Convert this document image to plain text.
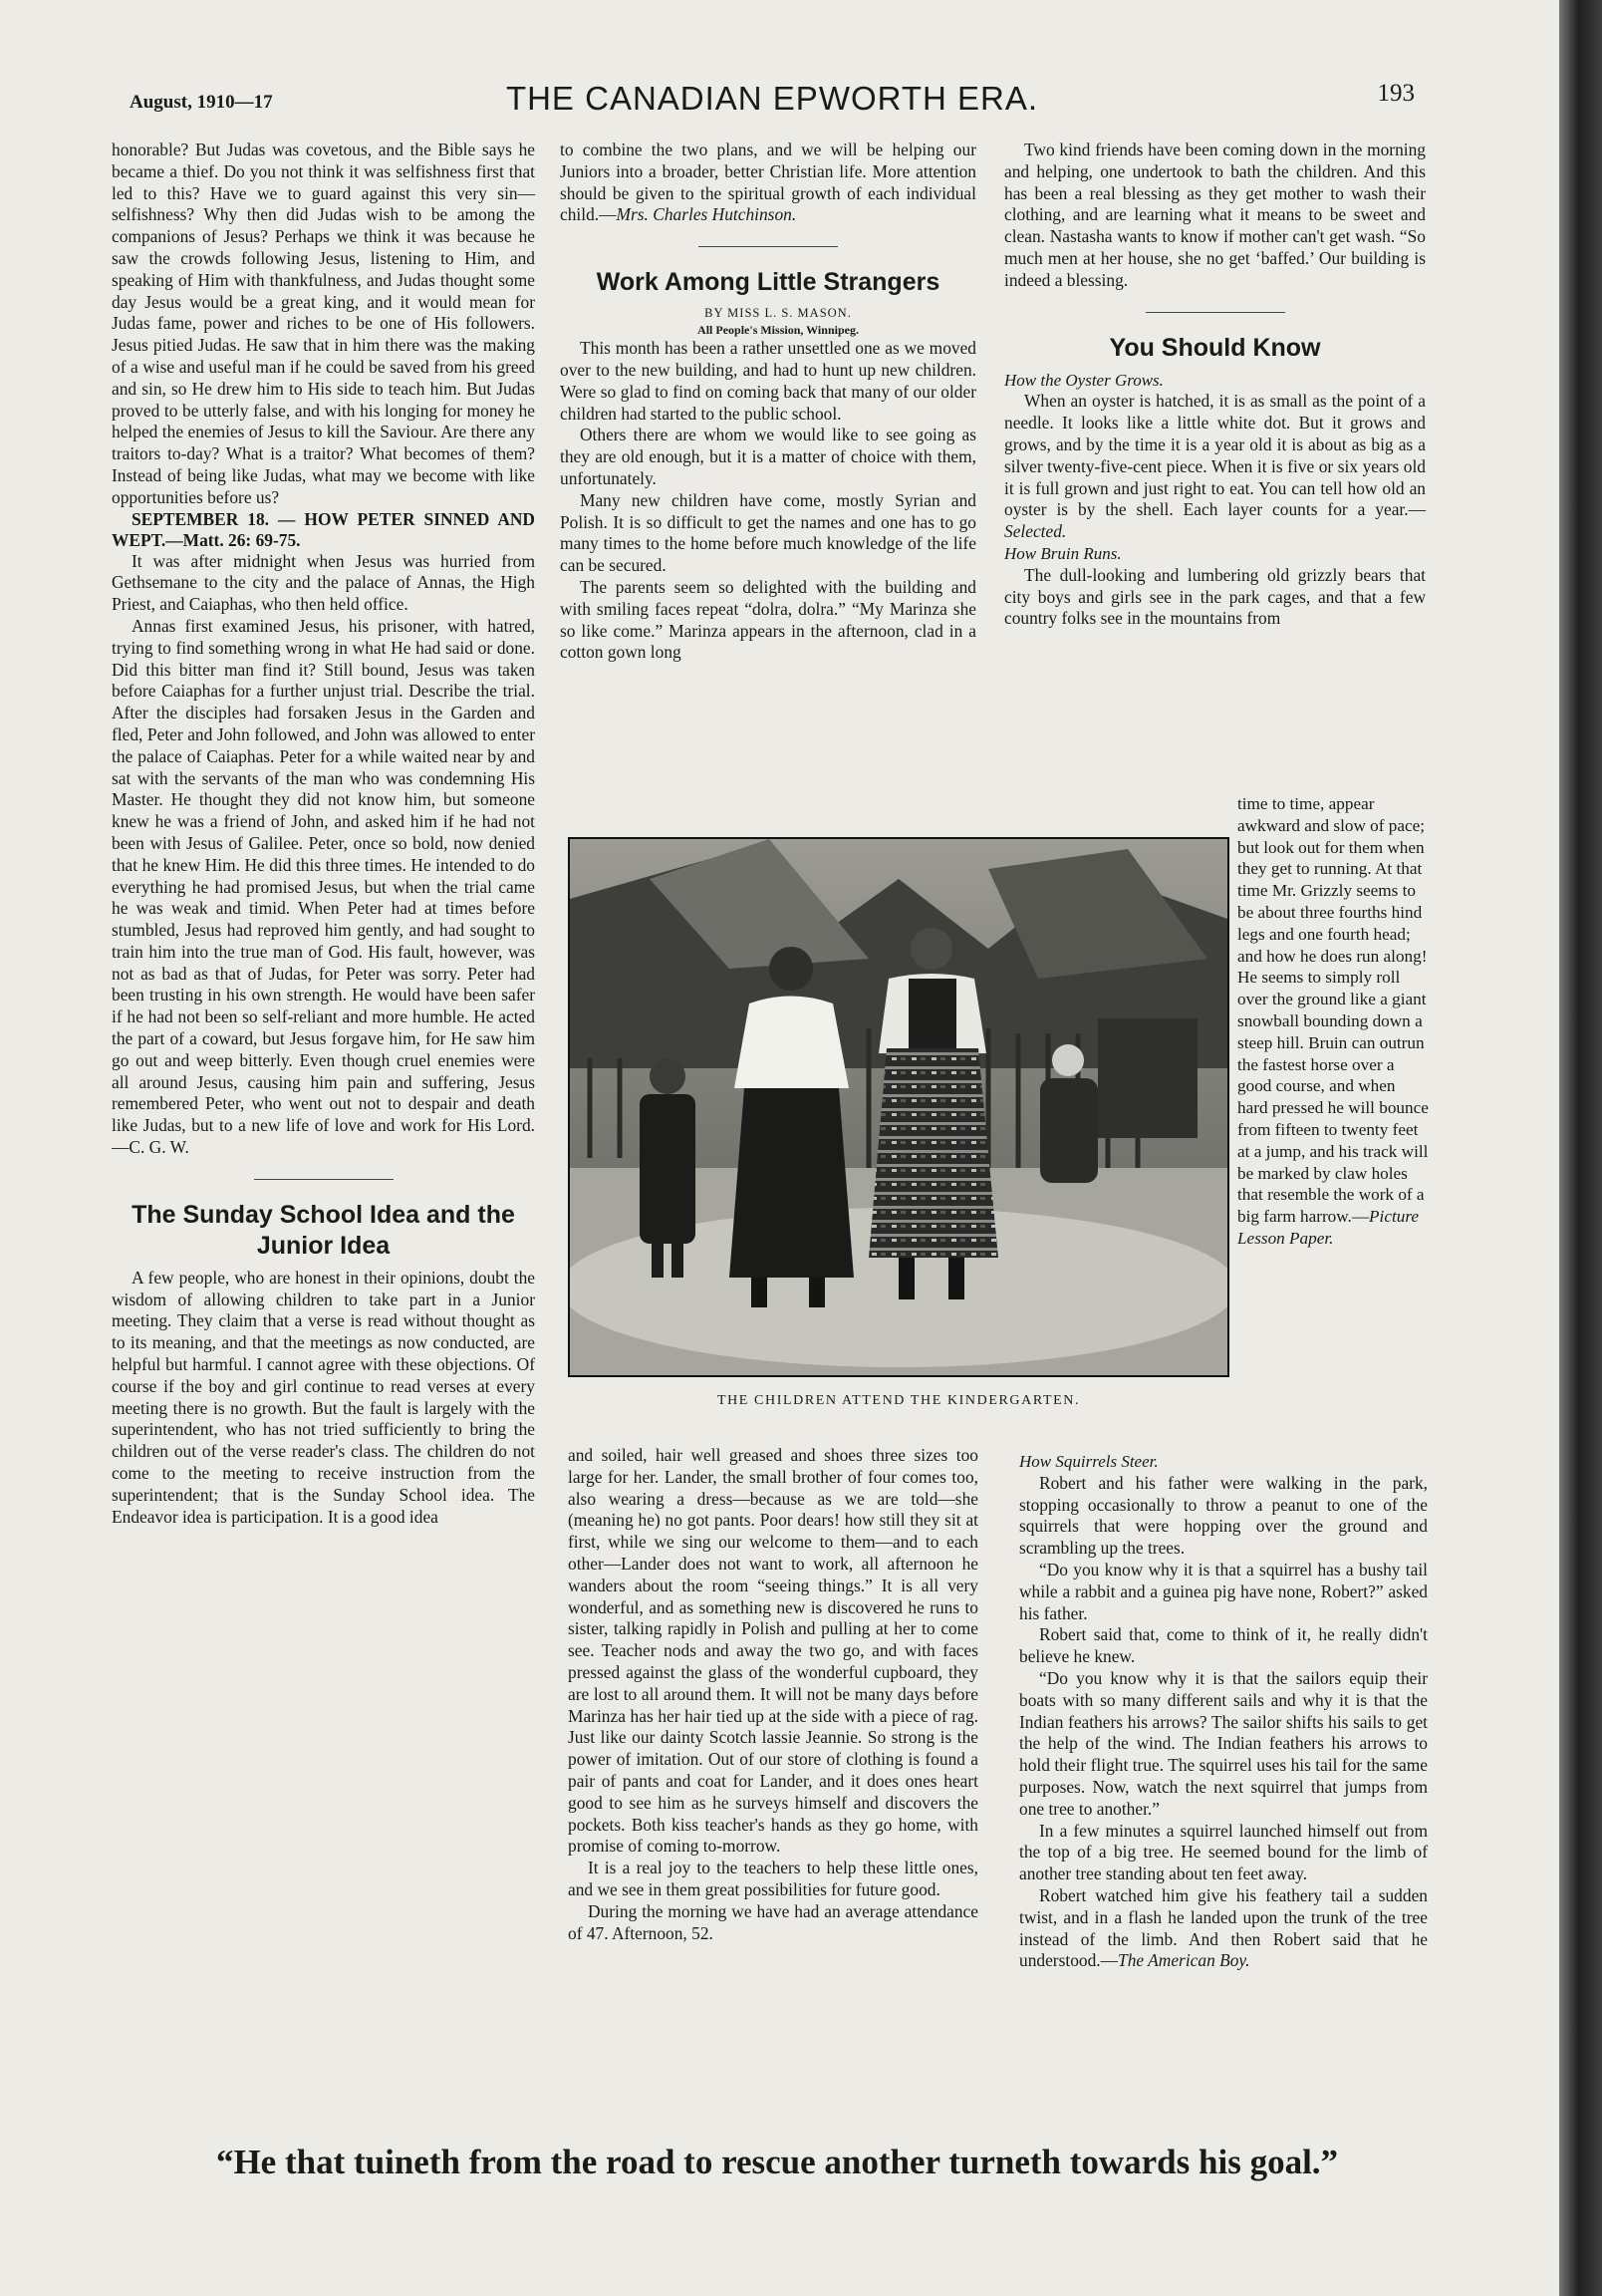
August, 1910—17	THE CANADIAN EPWORTH ERA.	193

honorable? But Judas was covetous, and the Bible says he became a thief. Do you not think it was selfishness first that led to this? Have we to guard against this very sin—selfishness? Why then did Judas wish to be among the companions of Jesus? Perhaps we think it was because he saw the crowds following Jesus, listening to Him, and speaking of Him with thankfulness, and Judas thought some day Jesus would be a great king, and it would mean for Judas fame, power and riches to be one of His followers. Jesus pitied Judas. He saw that in him there was the making of a wise and useful man if he could be saved from his greed and sin, so He drew him to His side to teach him. But Judas proved to be utterly false, and with his longing for money he helped the enemies of Jesus to kill the Saviour. Are there any traitors to-day? What is a traitor? What becomes of them? Instead of being like Judas, what may we become with like opportunities before us?

SEPTEMBER 18. — HOW PETER SINNED AND WEPT.—Matt. 26: 69-75.

It was after midnight when Jesus was hurried from Gethsemane to the city and the palace of Annas, the High Priest, and Caiaphas, who then held office.

Annas first examined Jesus, his prisoner, with hatred, trying to find something wrong in what He had said or done. Did this bitter man find it? Still bound, Jesus was taken before Caiaphas for a further unjust trial. Describe the trial. After the disciples had forsaken Jesus in the Garden and fled, Peter and John followed, and John was allowed to enter the palace of Caiaphas. Peter for a while waited near by and sat with the servants of the man who was condemning His Master. He thought they did not know him, but someone knew he was a friend of John, and asked him if he had not been with Jesus of Galilee. Peter, once so bold, now denied that he knew Him. He did this three times. He intended to do everything he had promised Jesus, but when the trial came he was weak and timid. When Peter had at times before stumbled, Jesus had reproved him gently, and had sought to train him into the true man of God. His fault, however, was not as bad as that of Judas, for Peter was sorry. Peter had been trusting in his own strength. He would have been safer if he had not been so self-reliant and more humble. He acted the part of a coward, but Jesus forgave him, for He saw him go out and weep bitterly. Even though cruel enemies were all around Jesus, causing him pain and suffering, Jesus remembered Peter, who went out not to despair and death like Judas, but to a new life of love and work for His Lord.—C. G. W.

The Sunday School Idea and the Junior Idea

A few people, who are honest in their opinions, doubt the wisdom of allowing children to take part in a Junior meeting. They claim that a verse is read without thought as to its meaning, and that the meetings as now conducted, are helpful but harmful. I cannot agree with these objections. Of course if the boy and girl continue to read verses at every meeting there is no growth. But the fault is largely with the superintendent, who has not tried sufficiently to bring the children out of the verse reader's class. The children do not come to the meeting to receive instruction from the superintendent; that is the Sunday School idea. The Endeavor idea is participation. It is a good idea

to combine the two plans, and we will be helping our Juniors into a broader, better Christian life. More attention should be given to the spiritual growth of each individual child.—Mrs. Charles Hutchinson.

Work Among Little Strangers

BY MISS L. S. MASON.

All People's Mission, Winnipeg.

This month has been a rather unsettled one as we moved over to the new building, and had to hunt up new children. Were so glad to find on coming back that many of our older children had started to the public school.

Others there are whom we would like to see going as they are old enough, but it is a matter of choice with them, unfortunately.

Many new children have come, mostly Syrian and Polish. It is so difficult to get the names and one has to go many times to the home before much knowledge of the life can be secured.

The parents seem so delighted with the building and with smiling faces repeat “dolra, dolra.” “My Marinza she so like come.” Marinza appears in the afternoon, clad in a cotton gown long

THE CHILDREN ATTEND THE KINDERGARTEN.

and soiled, hair well greased and shoes three sizes too large for her. Lander, the small brother of four comes too, also wearing a dress—because as we are told—she (meaning he) no got pants. Poor dears! how still they sit at first, while we sing our welcome to them—and to each other—Lander does not want to work, all afternoon he wanders about the room “seeing things.” It is all very wonderful, and as something new is discovered he runs to sister, talking rapidly in Polish and pulling at her to come see. Teacher nods and away the two go, and with faces pressed against the glass of the wonderful cupboard, they are lost to all around them. It will not be many days before Marinza has her hair tied up at the side with a piece of rag. Just like our dainty Scotch lassie Jeannie. So strong is the power of imitation. Out of our store of clothing is found a pair of pants and coat for Lander, and it does ones heart good to see him as he surveys himself and discovers the pockets. Both kiss teacher's hands as they go home, with promise of coming to-morrow.

It is a real joy to the teachers to help these little ones, and we see in them great possibilities for future good.

During the morning we have had an average attendance of 47. Afternoon, 52.

Two kind friends have been coming down in the morning and helping, one undertook to bath the children. And this has been a real blessing as they get mother to wash their clothing, and are learning what it means to be sweet and clean. Nastasha wants to know if mother can't get wash. “So much men at her house, she no get ‘baffed.’ Our building is indeed a blessing.

You Should Know

How the Oyster Grows.

When an oyster is hatched, it is as small as the point of a needle. It looks like a little white dot. But it grows and grows, and by the time it is a year old it is about as big as a silver twenty-five-cent piece. When it is five or six years old it is full grown and just right to eat. You can tell how old an oyster is by the shell. Each layer counts for a year.—Selected.

How Bruin Runs.

The dull-looking and lumbering old grizzly bears that city boys and girls see in the park cages, and that a few country folks see in the mountains from

time to time, appear awkward and slow of pace; but look out for them when they get to running. At that time Mr. Grizzly seems to be about three fourths hind legs and one fourth head; and how he does run along! He seems to simply roll over the ground like a giant snowball bounding down a steep hill. Bruin can outrun the fastest horse over a good course, and when hard pressed he will bounce from fifteen to twenty feet at a jump, and his track will be marked by claw holes that resemble the work of a big farm harrow.—Picture Lesson Paper.

How Squirrels Steer.

Robert and his father were walking in the park, stopping occasionally to throw a peanut to one of the squirrels that were hopping over the ground and scrambling up the trees.

“Do you know why it is that a squirrel has a bushy tail while a rabbit and a guinea pig have none, Robert?” asked his father.

Robert said that, come to think of it, he really didn't believe he knew.

“Do you know why it is that the sailors equip their boats with so many different sails and why it is that the Indian feathers his arrows? The sailor shifts his sails to get the help of the wind. The Indian feathers his arrows to hold their flight true. The squirrel uses his tail for the same purposes. Now, watch the next squirrel that jumps from one tree to another.”

In a few minutes a squirrel launched himself out from the top of a big tree. He seemed bound for the limb of another tree standing about ten feet away.

Robert watched him give his feathery tail a sudden twist, and in a flash he landed upon the trunk of the tree instead of the limb. And then Robert said that he understood.—The American Boy.

“He that tuineth from the road to rescue another turneth towards his goal.”
